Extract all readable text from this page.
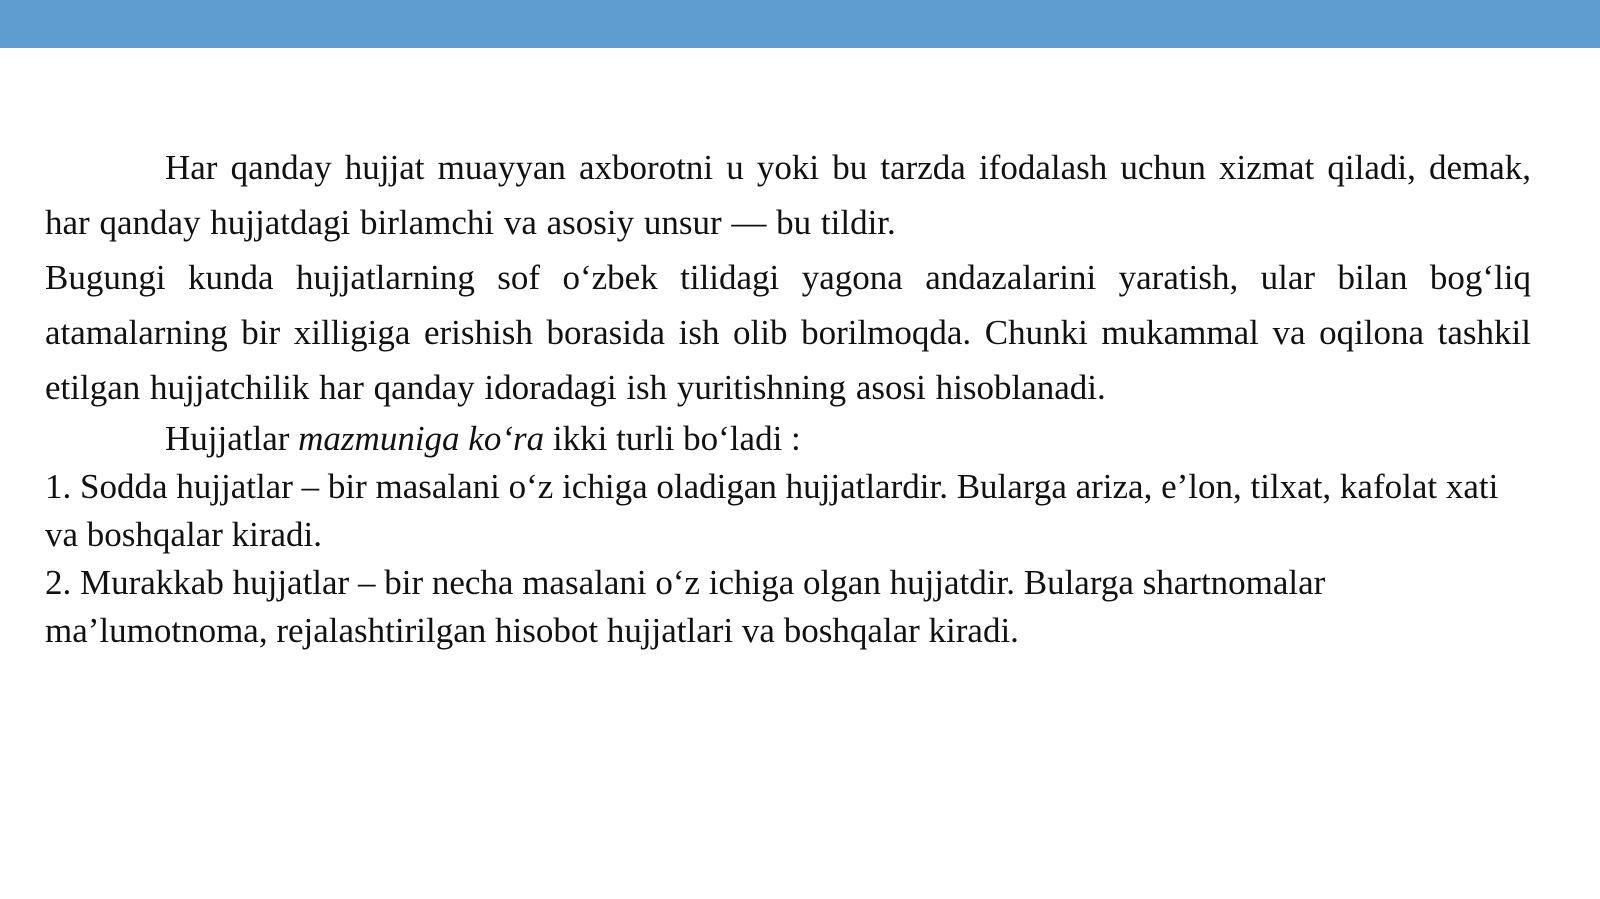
Har qanday hujjat muayyan axborotni u yoki bu tarzda ifodalash uchun xizmat qiladi, demak, har qanday hujjatdagi birlamchi va asosiy unsur — bu tildir.

Bugungi kunda hujjatlarning sof o‘zbek tilidagi yagona andazalarini yaratish, ular bilan bog‘liq atamalarning bir xilligiga erishish borasida ish olib borilmoqda. Chunki mukammal va oqilona tashkil etilgan hujjatchilik har qanday idoradagi ish yuritishning asosi hisoblanadi.

Hujjatlar mazmuniga ko‘ra ikki turli bo‘ladi :

1. Sodda hujjatlar – bir masalani o‘z ichiga oladigan hujjatlardir. Bularga ariza, e’lon, tilxat, kafolat xati va boshqalar kiradi.

2. Murakkab hujjatlar – bir necha masalani o‘z ichiga olgan hujjatdir. Bularga shartnomalar ma’lumotnoma, rejalashtirilgan hisobot hujjatlari va boshqalar kiradi.
